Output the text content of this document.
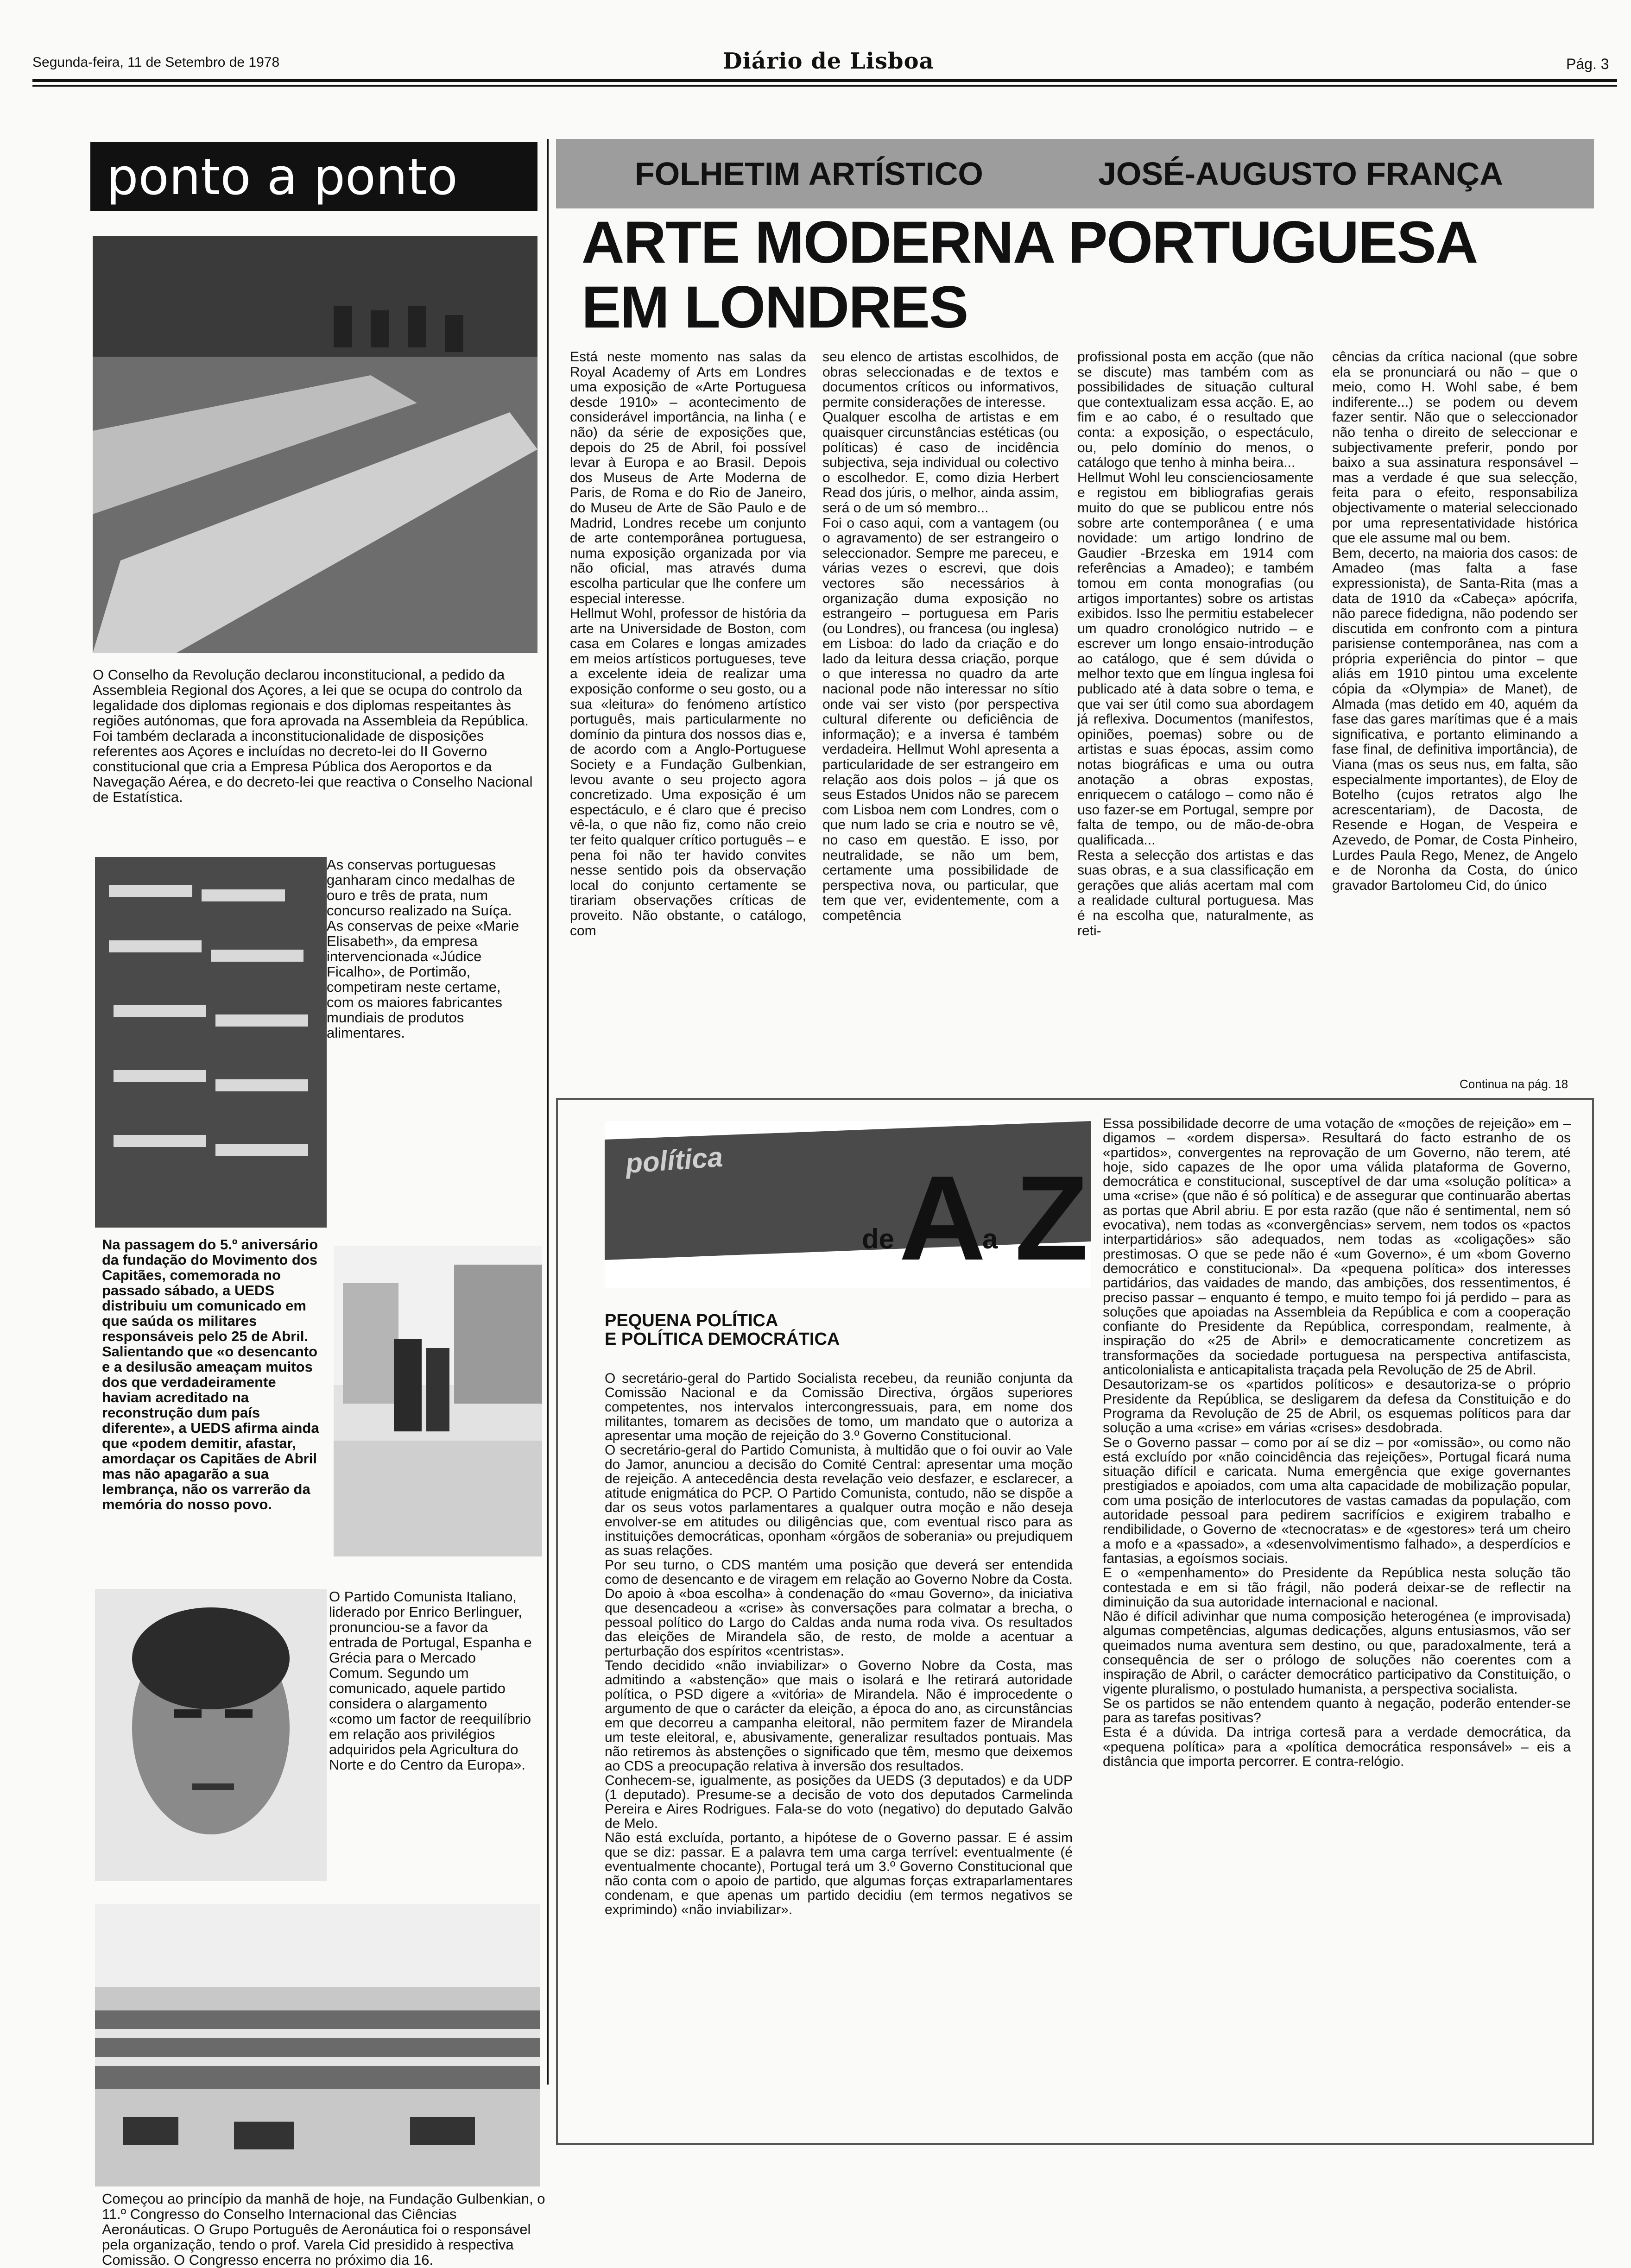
Segunda-feira, 11 de Setembro de 1978	Diário de Lisboa	Pág. 3
ponto a ponto
O Conselho da Revolução declarou inconstitucional, a pedido da Assembleia Regional dos Açores, a lei que se ocupa do controlo da legalidade dos diplomas regionais e dos diplomas respeitantes às regiões autónomas, que fora aprovada na Assembleia da República. Foi também declarada a inconstitucionalidade de disposições referentes aos Açores e incluídas no decreto-lei do II Governo constitucional que cria a Empresa Pública dos Aeroportos e da Navegação Aérea, e do decreto-lei que reactiva o Conselho Nacional de Estatística.
As conservas portuguesas ganharam cinco medalhas de ouro e três de prata, num concurso realizado na Suíça. As conservas de peixe «Marie Elisabeth», da empresa intervencionada «Júdice Ficalho», de Portimão, competiram neste certame, com os maiores fabricantes mundiais de produtos alimentares.
Na passagem do 5.º aniversário da fundação do Movimento dos Capitães, comemorada no passado sábado, a UEDS distribuiu um comunicado em que saúda os militares responsáveis pelo 25 de Abril. Salientando que «o desencanto e a desilusão ameaçam muitos dos que verdadeiramente haviam acreditado na reconstrução dum país diferente», a UEDS afirma ainda que «podem demitir, afastar, amordaçar os Capitães de Abril mas não apagarão a sua lembrança, não os varrerão da memória do nosso povo.
O Partido Comunista Italiano, liderado por Enrico Berlinguer, pronunciou-se a favor da entrada de Portugal, Espanha e Grécia para o Mercado Comum. Segundo um comunicado, aquele partido considera o alargamento «como um factor de reequilíbrio em relação aos privilégios adquiridos pela Agricultura do Norte e do Centro da Europa».
Começou ao princípio da manhã de hoje, na Fundação Gulbenkian, o 11.º Congresso do Conselho Internacional das Ciências Aeronáuticas. O Grupo Português de Aeronáutica foi o responsável pela organização, tendo o prof. Varela Cid presidido à respectiva Comissão. O Congresso encerra no próximo dia 16.
FOLHETIM ARTÍSTICO	JOSÉ-AUGUSTO FRANÇA
ARTE MODERNA PORTUGUESA
EM LONDRES
Está neste momento nas salas da Royal Academy of Arts em Londres uma exposição de «Arte Portuguesa desde 1910» – acontecimento de considerável importância, na linha ( e não) da série de exposições que, depois do 25 de Abril, foi possível levar à Europa e ao Brasil. Depois dos Museus de Arte Moderna de Paris, de Roma e do Rio de Janeiro, do Museu de Arte de São Paulo e de Madrid, Londres recebe um conjunto de arte contemporânea portuguesa, numa exposição organizada por via não oficial, mas através duma escolha particular que lhe confere um especial interesse.
Hellmut Wohl, professor de história da arte na Universidade de Boston, com casa em Colares e longas amizades em meios artísticos portugueses, teve a excelente ideia de realizar uma exposição conforme o seu gosto, ou a sua «leitura» do fenómeno artístico português, mais particularmente no domínio da pintura dos nossos dias e, de acordo com a Anglo-Portuguese Society e a Fundação Gulbenkian, levou avante o seu projecto agora concretizado. Uma exposição é um espectáculo, e é claro que é preciso vê-la, o que não fiz, como não creio ter feito qualquer crítico português – e pena foi não ter havido convites nesse sentido pois da observação local do conjunto certamente se tirariam observações críticas de proveito. Não obstante, o catálogo, com
seu elenco de artistas escolhidos, de obras seleccionadas e de textos e documentos críticos ou informativos, permite considerações de interesse.
Qualquer escolha de artistas e em quaisquer circunstâncias estéticas (ou políticas) é caso de incidência subjectiva, seja individual ou colectivo o escolhedor. E, como dizia Herbert Read dos júris, o melhor, ainda assim, será o de um só membro...
Foi o caso aqui, com a vantagem (ou o agravamento) de ser estrangeiro o seleccionador. Sempre me pareceu, e várias vezes o escrevi, que dois vectores são necessários à organização duma exposição no estrangeiro – portuguesa em Paris (ou Londres), ou francesa (ou inglesa) em Lisboa: do lado da criação e do lado da leitura dessa criação, porque o que interessa no quadro da arte nacional pode não interessar no sítio onde vai ser visto (por perspectiva cultural diferente ou deficiência de informação); e a inversa é também verdadeira. Hellmut Wohl apresenta a particularidade de ser estrangeiro em relação aos dois polos – já que os seus Estados Unidos não se parecem com Lisboa nem com Londres, com o que num lado se cria e noutro se vê, no caso em questão. E isso, por neutralidade, se não um bem, certamente uma possibilidade de perspectiva nova, ou particular, que tem que ver, evidentemente, com a competência
profissional posta em acção (que não se discute) mas também com as possibilidades de situação cultural que contextualizam essa acção. E, ao fim e ao cabo, é o resultado que conta: a exposição, o espectáculo, ou, pelo domínio do menos, o catálogo que tenho à minha beira...
Hellmut Wohl leu conscienciosamente e registou em bibliografias gerais muito do que se publicou entre nós sobre arte contemporânea ( e uma novidade: um artigo londrino de Gaudier -Brzeska em 1914 com referências a Amadeo); e também tomou em conta monografias (ou artigos importantes) sobre os artistas exibidos. Isso lhe permitiu estabelecer um quadro cronológico nutrido – e escrever um longo ensaio-introdução ao catálogo, que é sem dúvida o melhor texto que em língua inglesa foi publicado até à data sobre o tema, e que vai ser útil como sua abordagem já reflexiva. Documentos (manifestos, opiniões, poemas) sobre ou de artistas e suas épocas, assim como notas biográficas e uma ou outra anotação a obras expostas, enriquecem o catálogo – como não é uso fazer-se em Portugal, sempre por falta de tempo, ou de mão-de-obra qualificada...
Resta a selecção dos artistas e das suas obras, e a sua classificação em gerações que aliás acertam mal com a realidade cultural portuguesa. Mas é na escolha que, naturalmente, as reti-
cências da crítica nacional (que sobre ela se pronunciará ou não – que o meio, como H. Wohl sabe, é bem indiferente...) se podem ou devem fazer sentir. Não que o seleccionador não tenha o direito de seleccionar e subjectivamente preferir, pondo por baixo a sua assinatura responsável – mas a verdade é que sua selecção, feita para o efeito, responsabiliza objectivamente o material seleccionado por uma representatividade histórica que ele assume mal ou bem.
Bem, decerto, na maioria dos casos: de Amadeo (mas falta a fase expressionista), de Santa-Rita (mas a data de 1910 da «Cabeça» apócrifa, não parece fidedigna, não podendo ser discutida em confronto com a pintura parisiense contemporânea, nas com a própria experiência do pintor – que aliás em 1910 pintou uma excelente cópia da «Olympia» de Manet), de Almada (mas detido em 40, aquém da fase das gares marítimas que é a mais significativa, e portanto eliminando a fase final, de definitiva importância), de Viana (mas os seus nus, em falta, são especialmente importantes), de Eloy de Botelho (cujos retratos algo lhe acrescentariam), de Dacosta, de Resende e Hogan, de Vespeira e Azevedo, de Pomar, de Costa Pinheiro, Lurdes Paula Rego, Menez, de Angelo e de Noronha da Costa, do único gravador Bartolomeu Cid, do único
Continua na pág. 18
política
de A
a Z
PEQUENA POLÍTICA
E POLÍTICA DEMOCRÁTICA
O secretário-geral do Partido Socialista recebeu, da reunião conjunta da Comissão Nacional e da Comissão Directiva, órgãos superiores competentes, nos intervalos intercongressuais, para, em nome dos militantes, tomarem as decisões de tomo, um mandato que o autoriza a apresentar uma moção de rejeição do 3.º Governo Constitucional.
O secretário-geral do Partido Comunista, à multidão que o foi ouvir ao Vale do Jamor, anunciou a decisão do Comité Central: apresentar uma moção de rejeição. A antecedência desta revelação veio desfazer, e esclarecer, a atitude enigmática do PCP. O Partido Comunista, contudo, não se dispõe a dar os seus votos parlamentares a qualquer outra moção e não deseja envolver-se em atitudes ou diligências que, com eventual risco para as instituições democráticas, oponham «órgãos de soberania» ou prejudiquem as suas relações.
Por seu turno, o CDS mantém uma posição que deverá ser entendida como de desencanto e de viragem em relação ao Governo Nobre da Costa. Do apoio à «boa escolha» à condenação do «mau Governo», da iniciativa que desencadeou a «crise» às conversações para colmatar a brecha, o pessoal político do Largo do Caldas anda numa roda viva. Os resultados das eleições de Mirandela são, de resto, de molde a acentuar a perturbação dos espíritos «centristas».
Tendo decidido «não inviabilizar» o Governo Nobre da Costa, mas admitindo a «abstenção» que mais o isolará e lhe retirará autoridade política, o PSD digere a «vitória» de Mirandela. Não é improcedente o argumento de que o carácter da eleição, a época do ano, as circunstâncias em que decorreu a campanha eleitoral, não permitem fazer de Mirandela um teste eleitoral, e, abusivamente, generalizar resultados pontuais. Mas não retiremos às abstenções o significado que têm, mesmo que deixemos ao CDS a preocupação relativa à inversão dos resultados.
Conhecem-se, igualmente, as posições da UEDS (3 deputados) e da UDP (1 deputado). Presume-se a decisão de voto dos deputados Carmelinda Pereira e Aires Rodrigues. Fala-se do voto (negativo) do deputado Galvão de Melo.
Não está excluída, portanto, a hipótese de o Governo passar. E é assim que se diz: passar. E a palavra tem uma carga terrível: eventualmente (é eventualmente chocante), Portugal terá um 3.º Governo Constitucional que não conta com o apoio de partido, que algumas forças extraparlamentares condenam, e que apenas um partido decidiu (em termos negativos se exprimindo) «não inviabilizar».
Essa possibilidade decorre de uma votação de «moções de rejeição» em – digamos – «ordem dispersa». Resultará do facto estranho de os «partidos», convergentes na reprovação de um Governo, não terem, até hoje, sido capazes de lhe opor uma válida plataforma de Governo, democrática e constitucional, susceptível de dar uma «solução política» a uma «crise» (que não é só política) e de assegurar que continuarão abertas as portas que Abril abriu. E por esta razão (que não é sentimental, nem só evocativa), nem todas as «convergências» servem, nem todos os «pactos interpartidários» são adequados, nem todas as «coligações» são prestimosas. O que se pede não é «um Governo», é um «bom Governo democrático e constitucional». Da «pequena política» dos interesses partidários, das vaidades de mando, das ambições, dos ressentimentos, é preciso passar – enquanto é tempo, e muito tempo foi já perdido – para as soluções que apoiadas na Assembleia da República e com a cooperação confiante do Presidente da República, correspondam, realmente, à inspiração do «25 de Abril» e democraticamente concretizem as transformações da sociedade portuguesa na perspectiva antifascista, anticolonialista e anticapitalista traçada pela Revolução de 25 de Abril.
Desautorizam-se os «partidos políticos» e desautoriza-se o próprio Presidente da República, se desligarem da defesa da Constituição e do Programa da Revolução de 25 de Abril, os esquemas políticos para dar solução a uma «crise» em várias «crises» desdobrada.
Se o Governo passar – como por aí se diz – por «omissão», ou como não está excluído por «não coincidência das rejeições», Portugal ficará numa situação difícil e caricata. Numa emergência que exige governantes prestigiados e apoiados, com uma alta capacidade de mobilização popular, com uma posição de interlocutores de vastas camadas da população, com autoridade pessoal para pedirem sacrifícios e exigirem trabalho e rendibilidade, o Governo de «tecnocratas» e de «gestores» terá um cheiro a mofo e a «passado», a «desenvolvimentismo falhado», a desperdícios e fantasias, a egoísmos sociais.
E o «empenhamento» do Presidente da República nesta solução tão contestada e em si tão frágil, não poderá deixar-se de reflectir na diminuição da sua autoridade internacional e nacional.
Não é difícil adivinhar que numa composição heterogénea (e improvisada) algumas competências, algumas dedicações, alguns entusiasmos, vão ser queimados numa aventura sem destino, ou que, paradoxalmente, terá a consequência de ser o prólogo de soluções não coerentes com a inspiração de Abril, o carácter democrático participativo da Constituição, o vigente pluralismo, o postulado humanista, a perspectiva socialista.
Se os partidos se não entendem quanto à negação, poderão entender-se para as tarefas positivas?
Esta é a dúvida. Da intriga cortesã para a verdade democrática, da «pequena política» para a «política democrática responsável» – eis a distância que importa percorrer. E contra-relógio.
